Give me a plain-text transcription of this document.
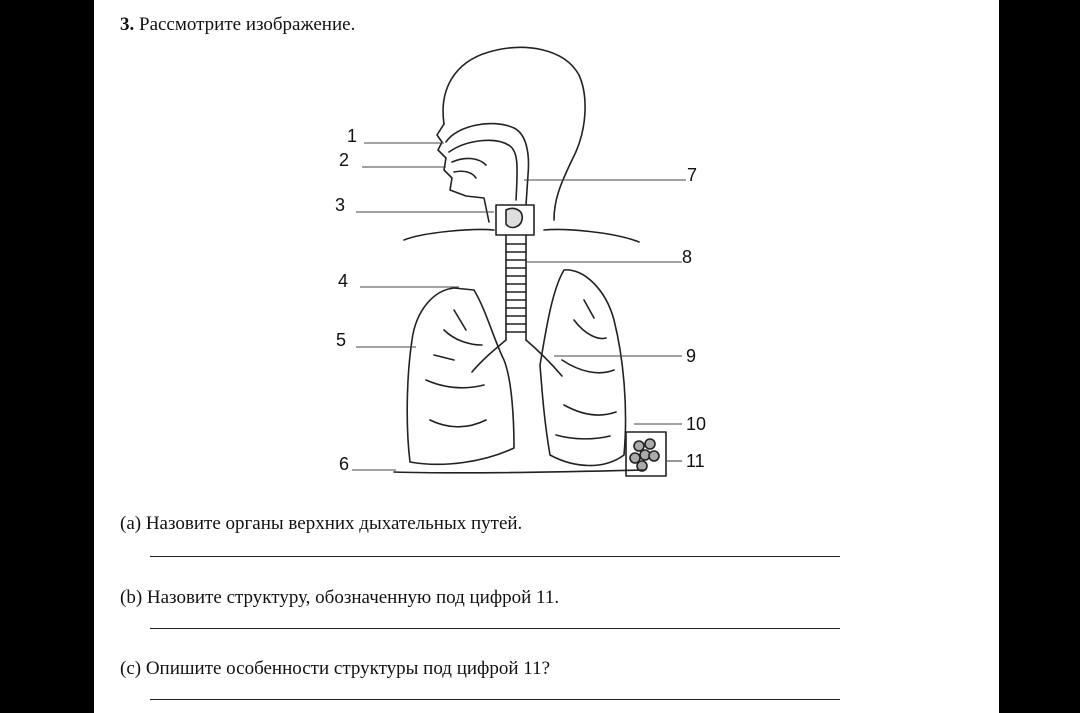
3. Рассмотрите изображение.
1
2
3
4
5
6
7
8
9
10
11
(a) Назовите органы верхних дыхательных путей.
(b) Назовите структуру, обозначенную под цифрой 11.
(c) Опишите особенности структуры под цифрой 11?
